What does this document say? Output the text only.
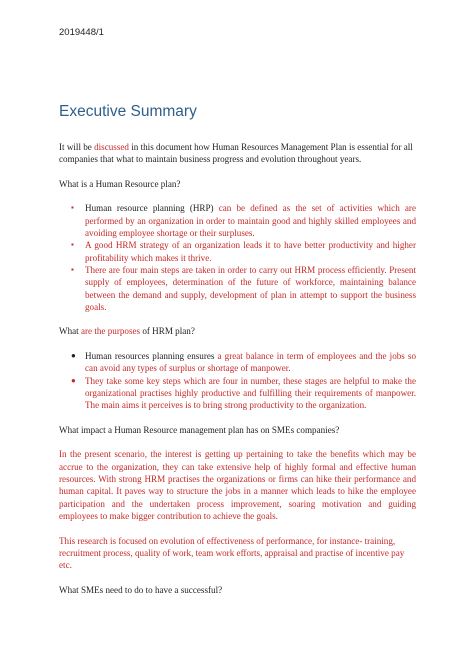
2019448/1
Executive Summary

It will be discussed in this document how Human Resources Management Plan is essential for all companies that what to maintain business progress and evolution throughout years.

What is a Human Resource plan?

▪ Human resource planning (HRP) can be defined as the set of activities which are performed by an organization in order to maintain good and highly skilled employees and avoiding employee shortage or their surpluses.
▪ A good HRM strategy of an organization leads it to have better productivity and higher profitability which makes it thrive.
▪ There are four main steps are taken in order to carry out HRM process efficiently. Present supply of employees, determination of the future of workforce, maintaining balance between the demand and supply, development of plan in attempt to support the business goals.

What are the purposes of HRM plan?

● Human resources planning ensures a great balance in term of employees and the jobs so can avoid any types of surplus or shortage of manpower.
● They take some key steps which are four in number, these stages are helpful to make the organizational practises highly productive and fulfilling their requirements of manpower. The main aims it perceives is to bring strong productivity to the organization.

What impact a Human Resource management plan has on SMEs companies?

In the present scenario, the interest is getting up pertaining to take the benefits which may be accrue to the organization, they can take extensive help of highly formal and effective human resources. With strong HRM practises the organizations or firms can hike their performance and human capital. It paves way to structure the jobs in a manner which leads to hike the employee participation and the undertaken process improvement, soaring motivation and guiding employees to make bigger contribution to achieve the goals.

This research is focused on evolution of effectiveness of performance, for instance- training, recruitment process, quality of work, team work efforts, appraisal and practise of incentive pay etc.

What SMEs need to do to have a successful?
